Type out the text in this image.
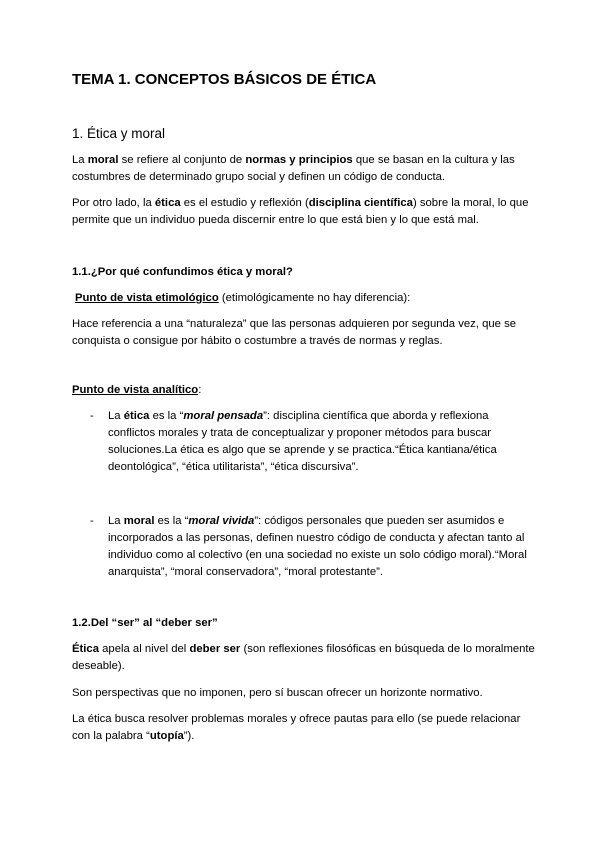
TEMA 1. CONCEPTOS BÁSICOS DE ÉTICA
1. Ética y moral
La moral se refiere al conjunto de normas y principios que se basan en la cultura y las
costumbres de determinado grupo social y definen un código de conducta.
Por otro lado, la ética es el estudio y reflexión (disciplina científica) sobre la moral, lo que
permite que un individuo pueda discernir entre lo que está bien y lo que está mal.
1.1.¿Por qué confundimos ética y moral?
Punto de vista etimológico (etimológicamente no hay diferencia):
Hace referencia a una “naturaleza” que las personas adquieren por segunda vez, que se
conquista o consigue por hábito o costumbre a través de normas y reglas.
Punto de vista analítico:
- La ética es la “moral pensada”: disciplina científica que aborda y reflexiona
conflictos morales y trata de conceptualizar y proponer métodos para buscar
soluciones.La ética es algo que se aprende y se practica.“Ética kantiana/ética
deontológica”, “ética utilitarista”, “ética discursiva”.
- La moral es la “moral vivida”: códigos personales que pueden ser asumidos e
incorporados a las personas, definen nuestro código de conducta y afectan tanto al
individuo como al colectivo (en una sociedad no existe un solo código moral).“Moral
anarquista”, “moral conservadora”, “moral protestante”.
1.2.Del “ser” al “deber ser”
Ética apela al nivel del deber ser (son reflexiones filosóficas en búsqueda de lo moralmente
deseable).
Son perspectivas que no imponen, pero sí buscan ofrecer un horizonte normativo.
La ética busca resolver problemas morales y ofrece pautas para ello (se puede relacionar
con la palabra “utopía”).
